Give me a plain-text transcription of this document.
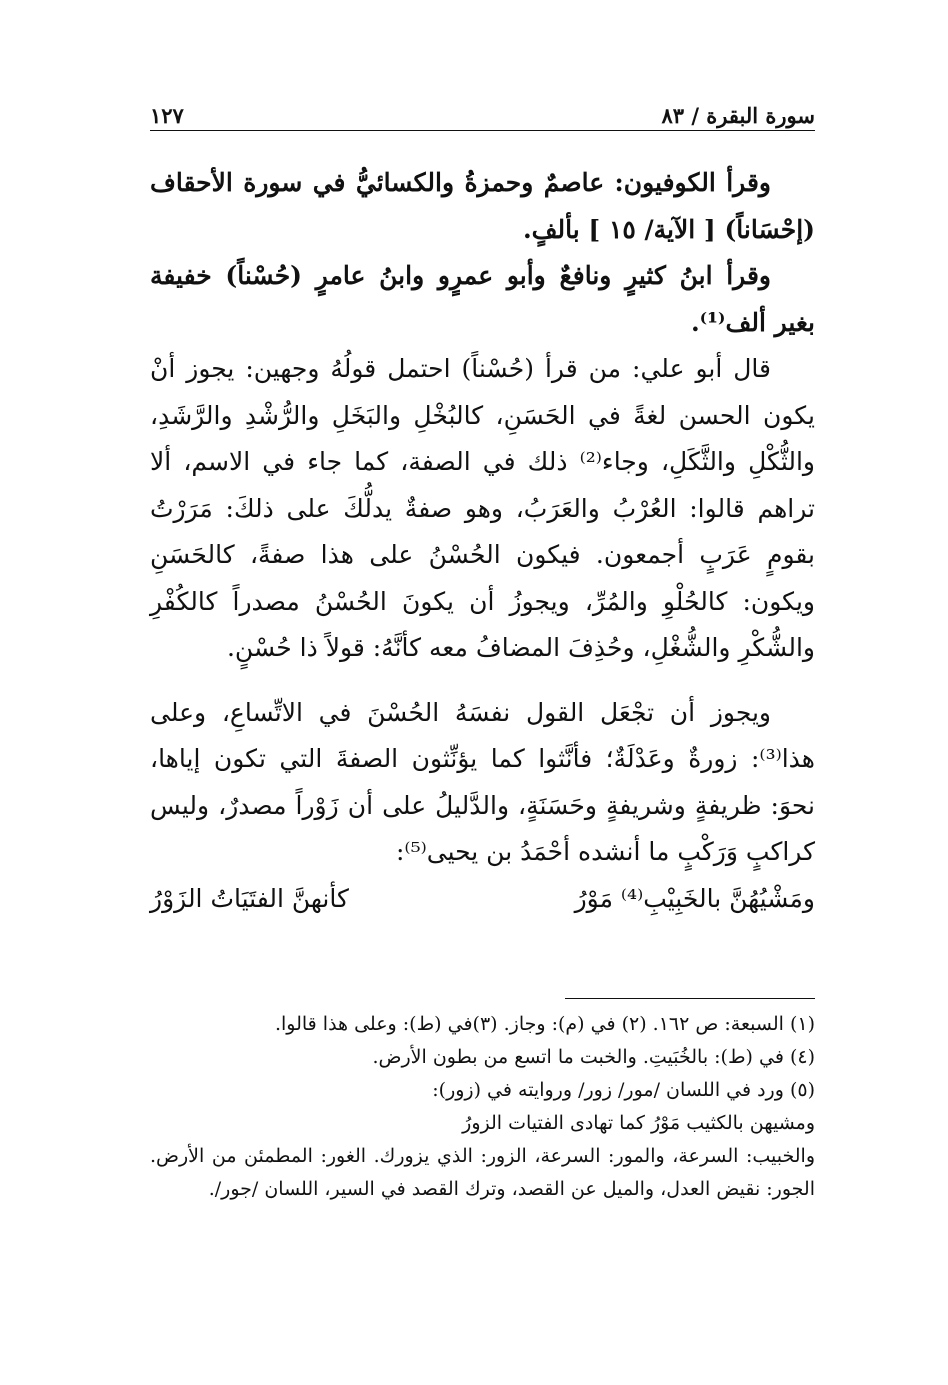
سورة البقرة / ٨٣
١٢٧

وقرأ الكوفيون: عاصمٌ وحمزةُ والكسائيُّ في سورة الأحقاف (إحْسَاناً) [ الآية/ ١٥ ] بألفٍ.

وقرأ ابنُ كثيرٍ ونافعٌ وأبو عمرٍو وابنُ عامرٍ (حُسْناً) خفيفة بغير ألف⁽¹⁾.

قال أبو علي: من قرأ (حُسْناً) احتمل قولُهُ وجهين: يجوز أنْ يكون الحسن لغةً في الحَسَنِ، كالبُخْلِ والبَخَلِ والرُّشْدِ والرَّشَدِ، والثُّكْلِ والثَّكَلِ، وجاء⁽²⁾ ذلك في الصفة، كما جاء في الاسم، ألا تراهم قالوا: العُرْبُ والعَرَبُ، وهو صفةٌ يدلُّكَ على ذلكَ: مَرَرْتُ بقومٍ عَرَبٍ أجمعون. فيكون الحُسْنُ على هذا صفةً، كالحَسَنِ ويكون: كالحُلْوِ والمُرِّ، ويجوزُ أن يكونَ الحُسْنُ مصدراً كالكُفْرِ والشُّكْرِ والشُّغْلِ، وحُذِفَ المضافُ معه كأنَّهُ: قولاً ذا حُسْنٍ.

ويجوز أن تجْعَل القول نفسَهُ الحُسْنَ في الاتِّساعِ، وعلى هذا⁽³⁾: زورةٌ وعَدْلَةٌ؛ فأنَّثوا كما يؤنِّثون الصفةَ التي تكون إياها، نحوَ: ظريفةٍ وشريفةٍ وحَسَنَةٍ، والدَّليلُ على أن زَوْراً مصدرٌ، وليس كراكبٍ وَرَكْبٍ ما أنشده أحْمَدُ بن يحيى⁽⁵⁾:

ومَشْيُهُنَّ بالخَبِيْبِ⁽⁴⁾ مَوْرُ
كأنهنَّ الفتَيَاتُ الزَوْرُ

(١) السبعة: ص ١٦٢. (٢) في (م): وجاز. (٣)في (ط): وعلى هذا قالوا.

(٤) في (ط): بالخُبَيتِ. والخبت ما اتسع من بطون الأرض.

(٥) ورد في اللسان /مور/ زور/ وروايته في (زور):

ومشيهن بالكثيب مَوْرُ كما تهادى الفتيات الزورُ

والخبيب: السرعة، والمور: السرعة، الزور: الذي يزورك. الغور: المطمئن من الأرض. الجور: نقيض العدل، والميل عن القصد، وترك القصد في السير، اللسان /جور/.
